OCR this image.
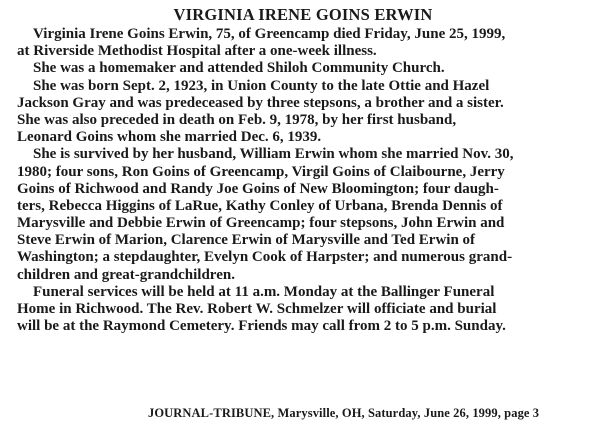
VIRGINIA IRENE GOINS ERWIN
Virginia Irene Goins Erwin, 75, of Greencamp died Friday, June 25, 1999,
at Riverside Methodist Hospital after a one-week illness.
She was a homemaker and attended Shiloh Community Church.
She was born Sept. 2, 1923, in Union County to the late Ottie and Hazel
Jackson Gray and was predeceased by three stepsons, a brother and a sister.
She was also preceded in death on Feb. 9, 1978, by her first husband,
Leonard Goins whom she married Dec. 6, 1939.
She is survived by her husband, William Erwin whom she married Nov. 30,
1980; four sons, Ron Goins of Greencamp, Virgil Goins of Claibourne, Jerry
Goins of Richwood and Randy Joe Goins of New Bloomington; four daugh-
ters, Rebecca Higgins of LaRue, Kathy Conley of Urbana, Brenda Dennis of
Marysville and Debbie Erwin of Greencamp; four stepsons, John Erwin and
Steve Erwin of Marion, Clarence Erwin of Marysville and Ted Erwin of
Washington; a stepdaughter, Evelyn Cook of Harpster; and numerous grand-
children and great-grandchildren.
Funeral services will be held at 11 a.m. Monday at the Ballinger Funeral
Home in Richwood. The Rev. Robert W. Schmelzer will officiate and burial
will be at the Raymond Cemetery. Friends may call from 2 to 5 p.m. Sunday.
JOURNAL-TRIBUNE, Marysville, OH, Saturday, June 26, 1999, page 3
